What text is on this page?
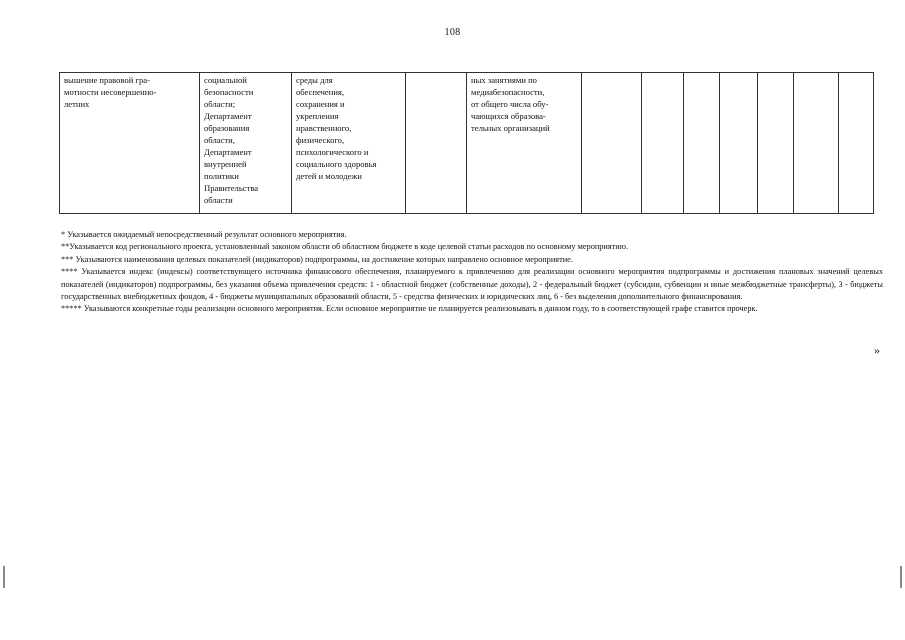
108
вышение правовой гра-
мотности несовершенно-
летних	социальной
безопасности
области;
Департамент
образования
области,
Департамент
внутренней
политики
Правительства
области	среды для
обеспечения,
сохранения и
укрепления
нравственного,
физического,
психологического и
социального здоровья
детей и молодежи		ных занятиями по
медиабезопасности,
от общего числа обу-
чающихся образова-
тельных организаций							

* Указывается ожидаемый непосредственный результат основного мероприятия.

**Указывается код регионального проекта, установленный законом области об областном бюджете в коде целевой статьи расходов по основному мероприятию.

*** Указываются наименования целевых показателей (индикаторов) подпрограммы, на достижение которых направлено основное мероприятие.

**** Указывается индекс (индексы) соответствующего источника финансового обеспечения, планируемого к привлечению для реализации основного мероприятия подпрограммы и достижения плановых значений целевых показателей (индикаторов) подпрограммы, без указания объема привлечения средств: 1 - областной бюджет (собственные доходы), 2 - федеральный бюджет (субсидии, субвенции и иные межбюджетные трансферты), 3 - бюджеты государственных внебюджетных фондов, 4 - бюджеты муниципальных образований области, 5 - средства физических и юридических лиц, 6 - без выделения дополнительного финансирования.

***** Указываются конкретные годы реализации основного мероприятия. Если основное мероприятие не планируется реализовывать в данном году, то в соответствующей графе ставится прочерк.

»
